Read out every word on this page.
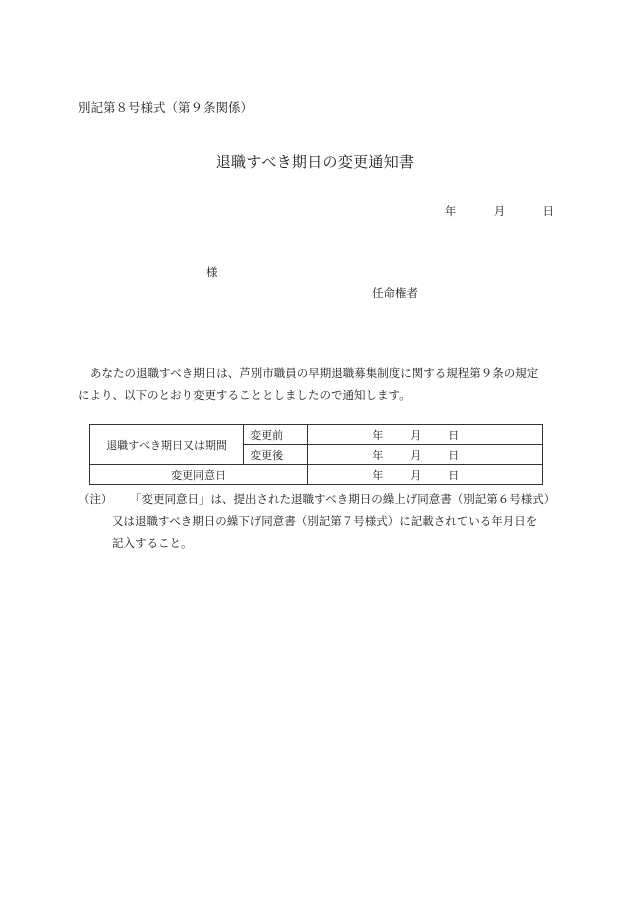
別記第８号様式（第９条関係）
退職すべき期日の変更通知書
年	月	日
様
任命権者

あなたの退職すべき期日は、芦別市職員の早期退職募集制度に関する規程第９条の規定

により、以下のとおり変更することとしましたので通知します。

退職すべき期日又は期間	変更前	年 月 日

	変更後	年 月 日

変更同意日		年 月 日
（注） 「変更同意日」は、提出された退職すべき期日の繰上げ同意書（別記第６号様式）
又は退職すべき期日の繰下げ同意書（別記第７号様式）に記載されている年月日を
記入すること。
